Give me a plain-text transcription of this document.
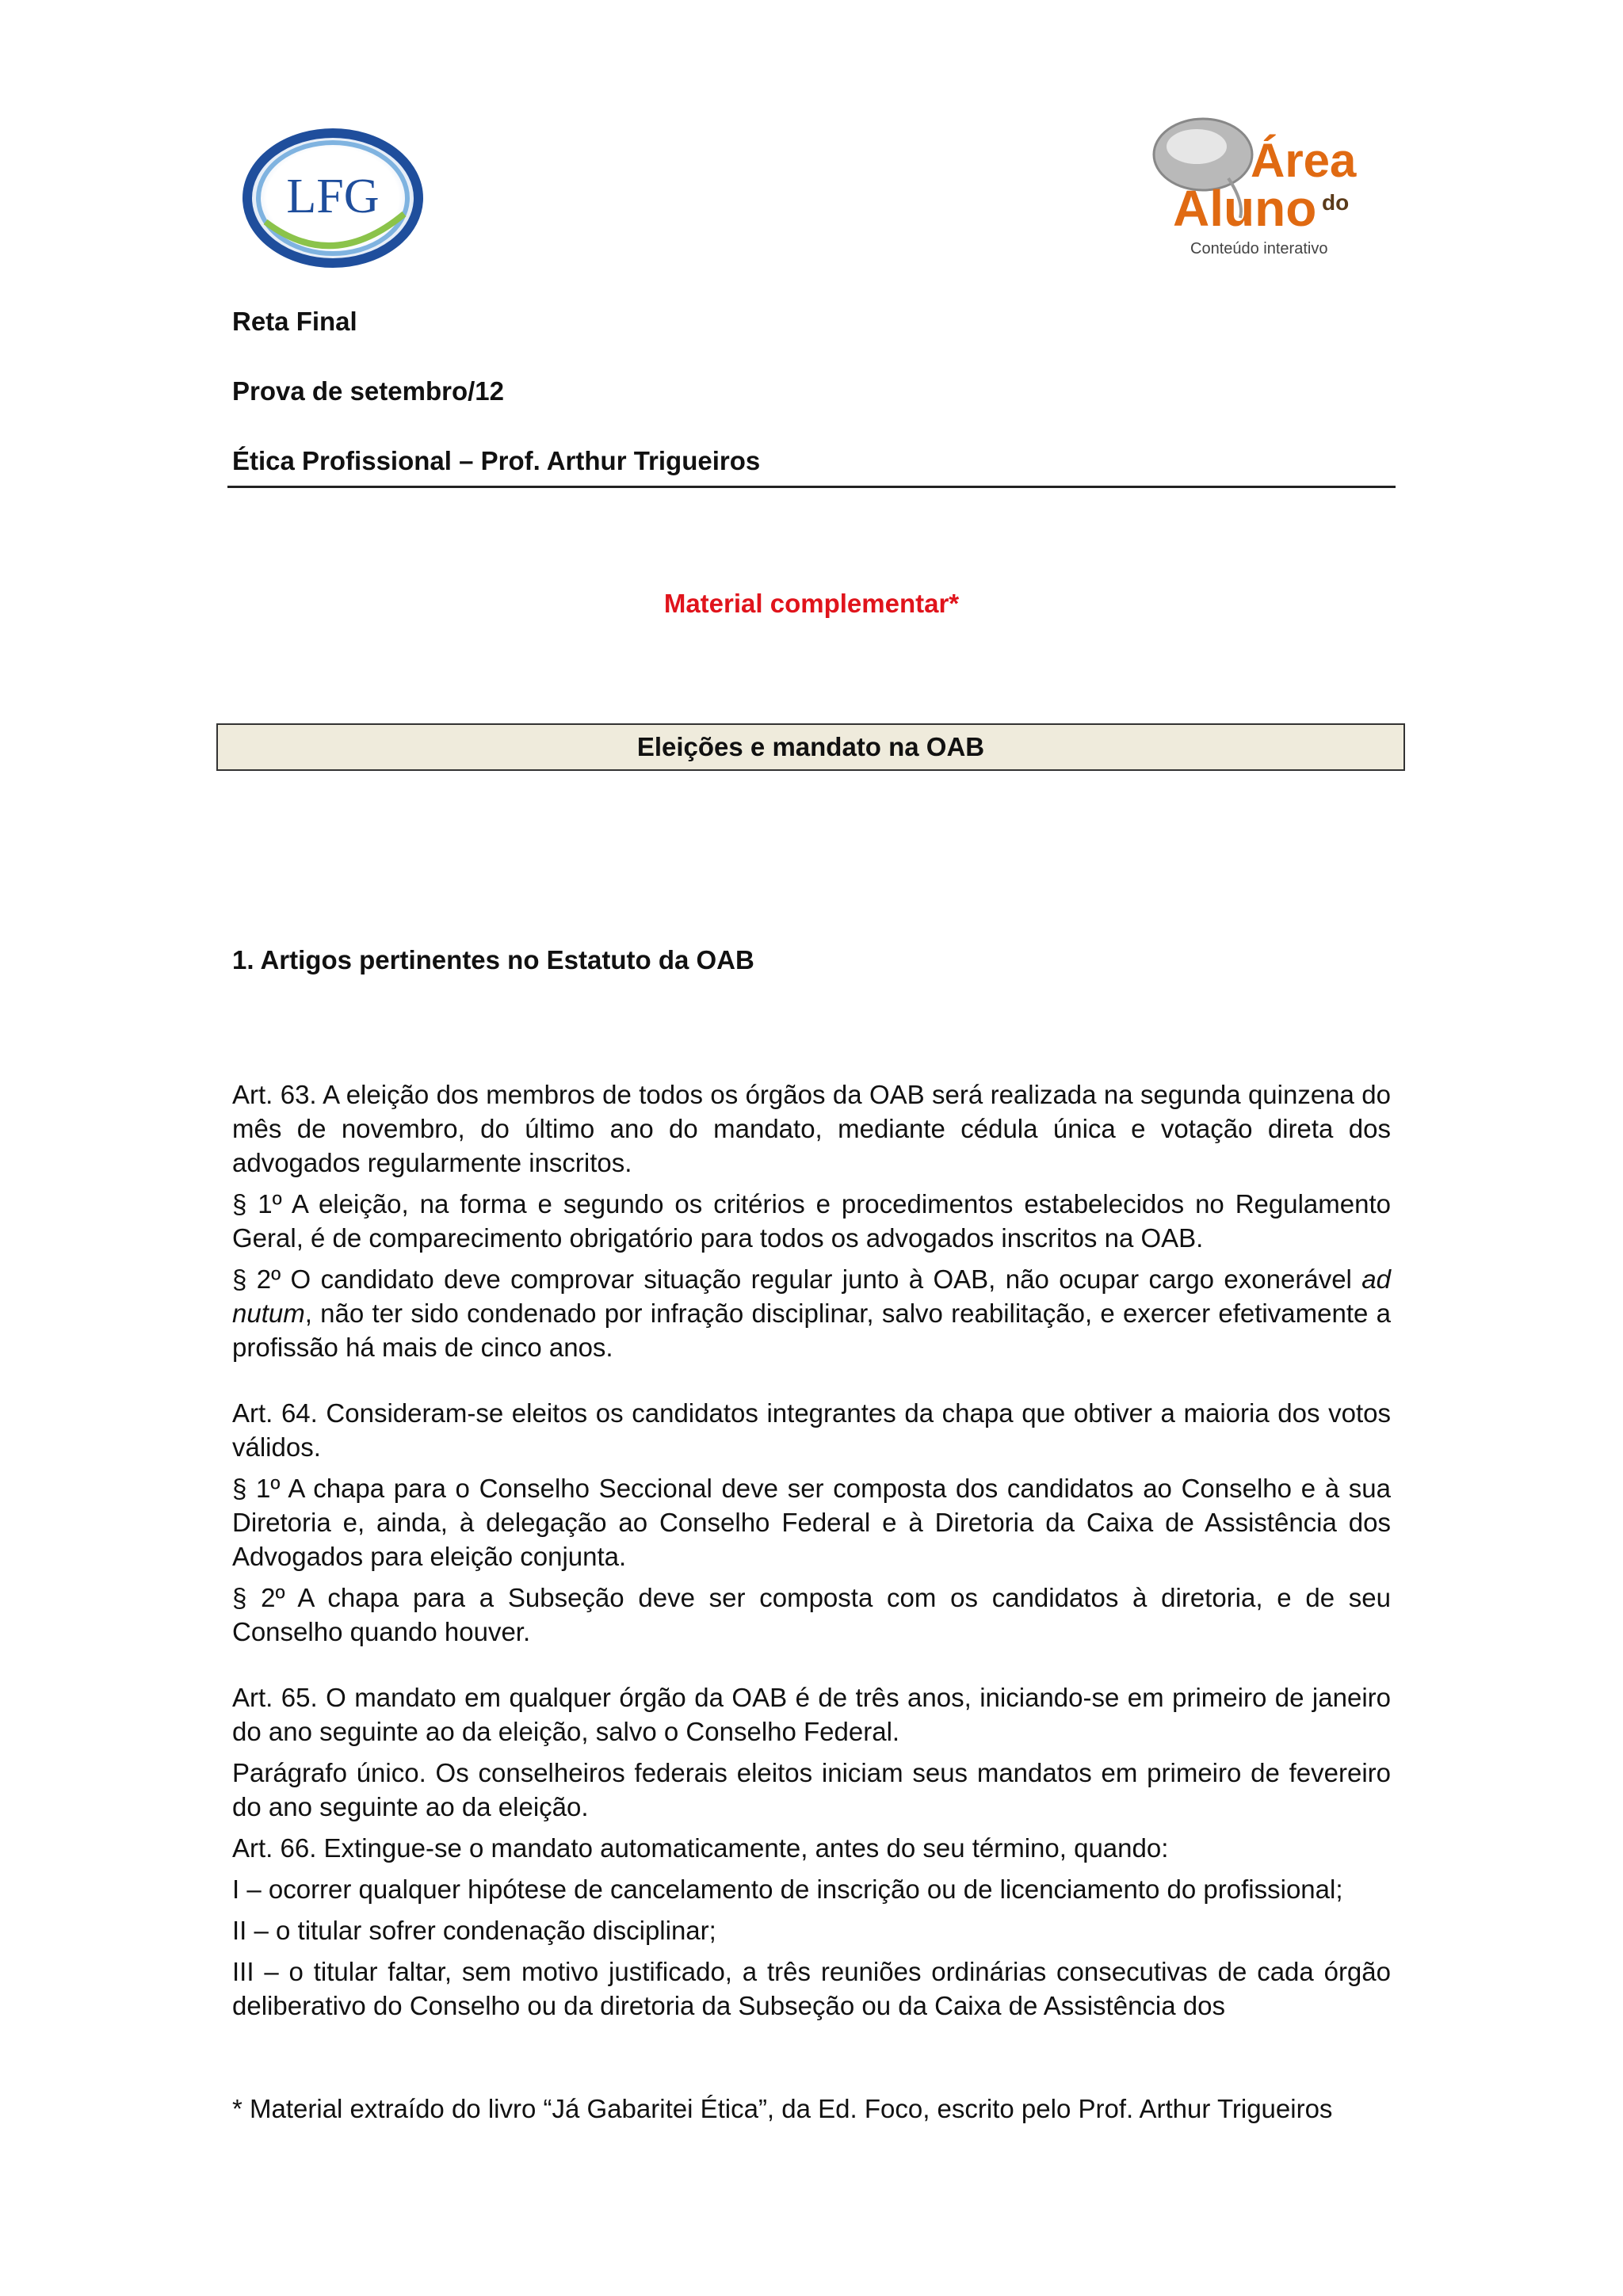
LFG
Área
Aluno do
Conteúdo interativo
Reta Final
Prova de setembro/12
Ética Profissional – Prof. Arthur Trigueiros
Material complementar*
Eleições e mandato na OAB
1. Artigos pertinentes no Estatuto da OAB

Art. 63. A eleição dos membros de todos os órgãos da OAB será realizada na segunda quinzena do mês de novembro, do último ano do mandato, mediante cédula única e votação direta dos advogados regularmente inscritos.

§ 1º A eleição, na forma e segundo os critérios e procedimentos estabelecidos no Regulamento Geral, é de comparecimento obrigatório para todos os advogados inscritos na OAB.

§ 2º O candidato deve comprovar situação regular junto à OAB, não ocupar cargo exonerável ad nutum, não ter sido condenado por infração disciplinar, salvo reabilitação, e exercer efetivamente a profissão há mais de cinco anos.

Art. 64. Consideram-se eleitos os candidatos integrantes da chapa que obtiver a maioria dos votos válidos.

§ 1º A chapa para o Conselho Seccional deve ser composta dos candidatos ao Conselho e à sua Diretoria e, ainda, à delegação ao Conselho Federal e à Diretoria da Caixa de Assistência dos Advogados para eleição conjunta.

§ 2º A chapa para a Subseção deve ser composta com os candidatos à diretoria, e de seu Conselho quando houver.

Art. 65. O mandato em qualquer órgão da OAB é de três anos, iniciando-se em primeiro de janeiro do ano seguinte ao da eleição, salvo o Conselho Federal.

Parágrafo único. Os conselheiros federais eleitos iniciam seus mandatos em primeiro de fevereiro do ano seguinte ao da eleição.

Art. 66. Extingue-se o mandato automaticamente, antes do seu término, quando:

I – ocorrer qualquer hipótese de cancelamento de inscrição ou de licenciamento do profissional;

II – o titular sofrer condenação disciplinar;

III – o titular faltar, sem motivo justificado, a três reuniões ordinárias consecutivas de cada órgão deliberativo do Conselho ou da diretoria da Subseção ou da Caixa de Assistência dos

* Material extraído do livro “Já Gabaritei Ética”, da Ed. Foco, escrito pelo Prof. Arthur Trigueiros
